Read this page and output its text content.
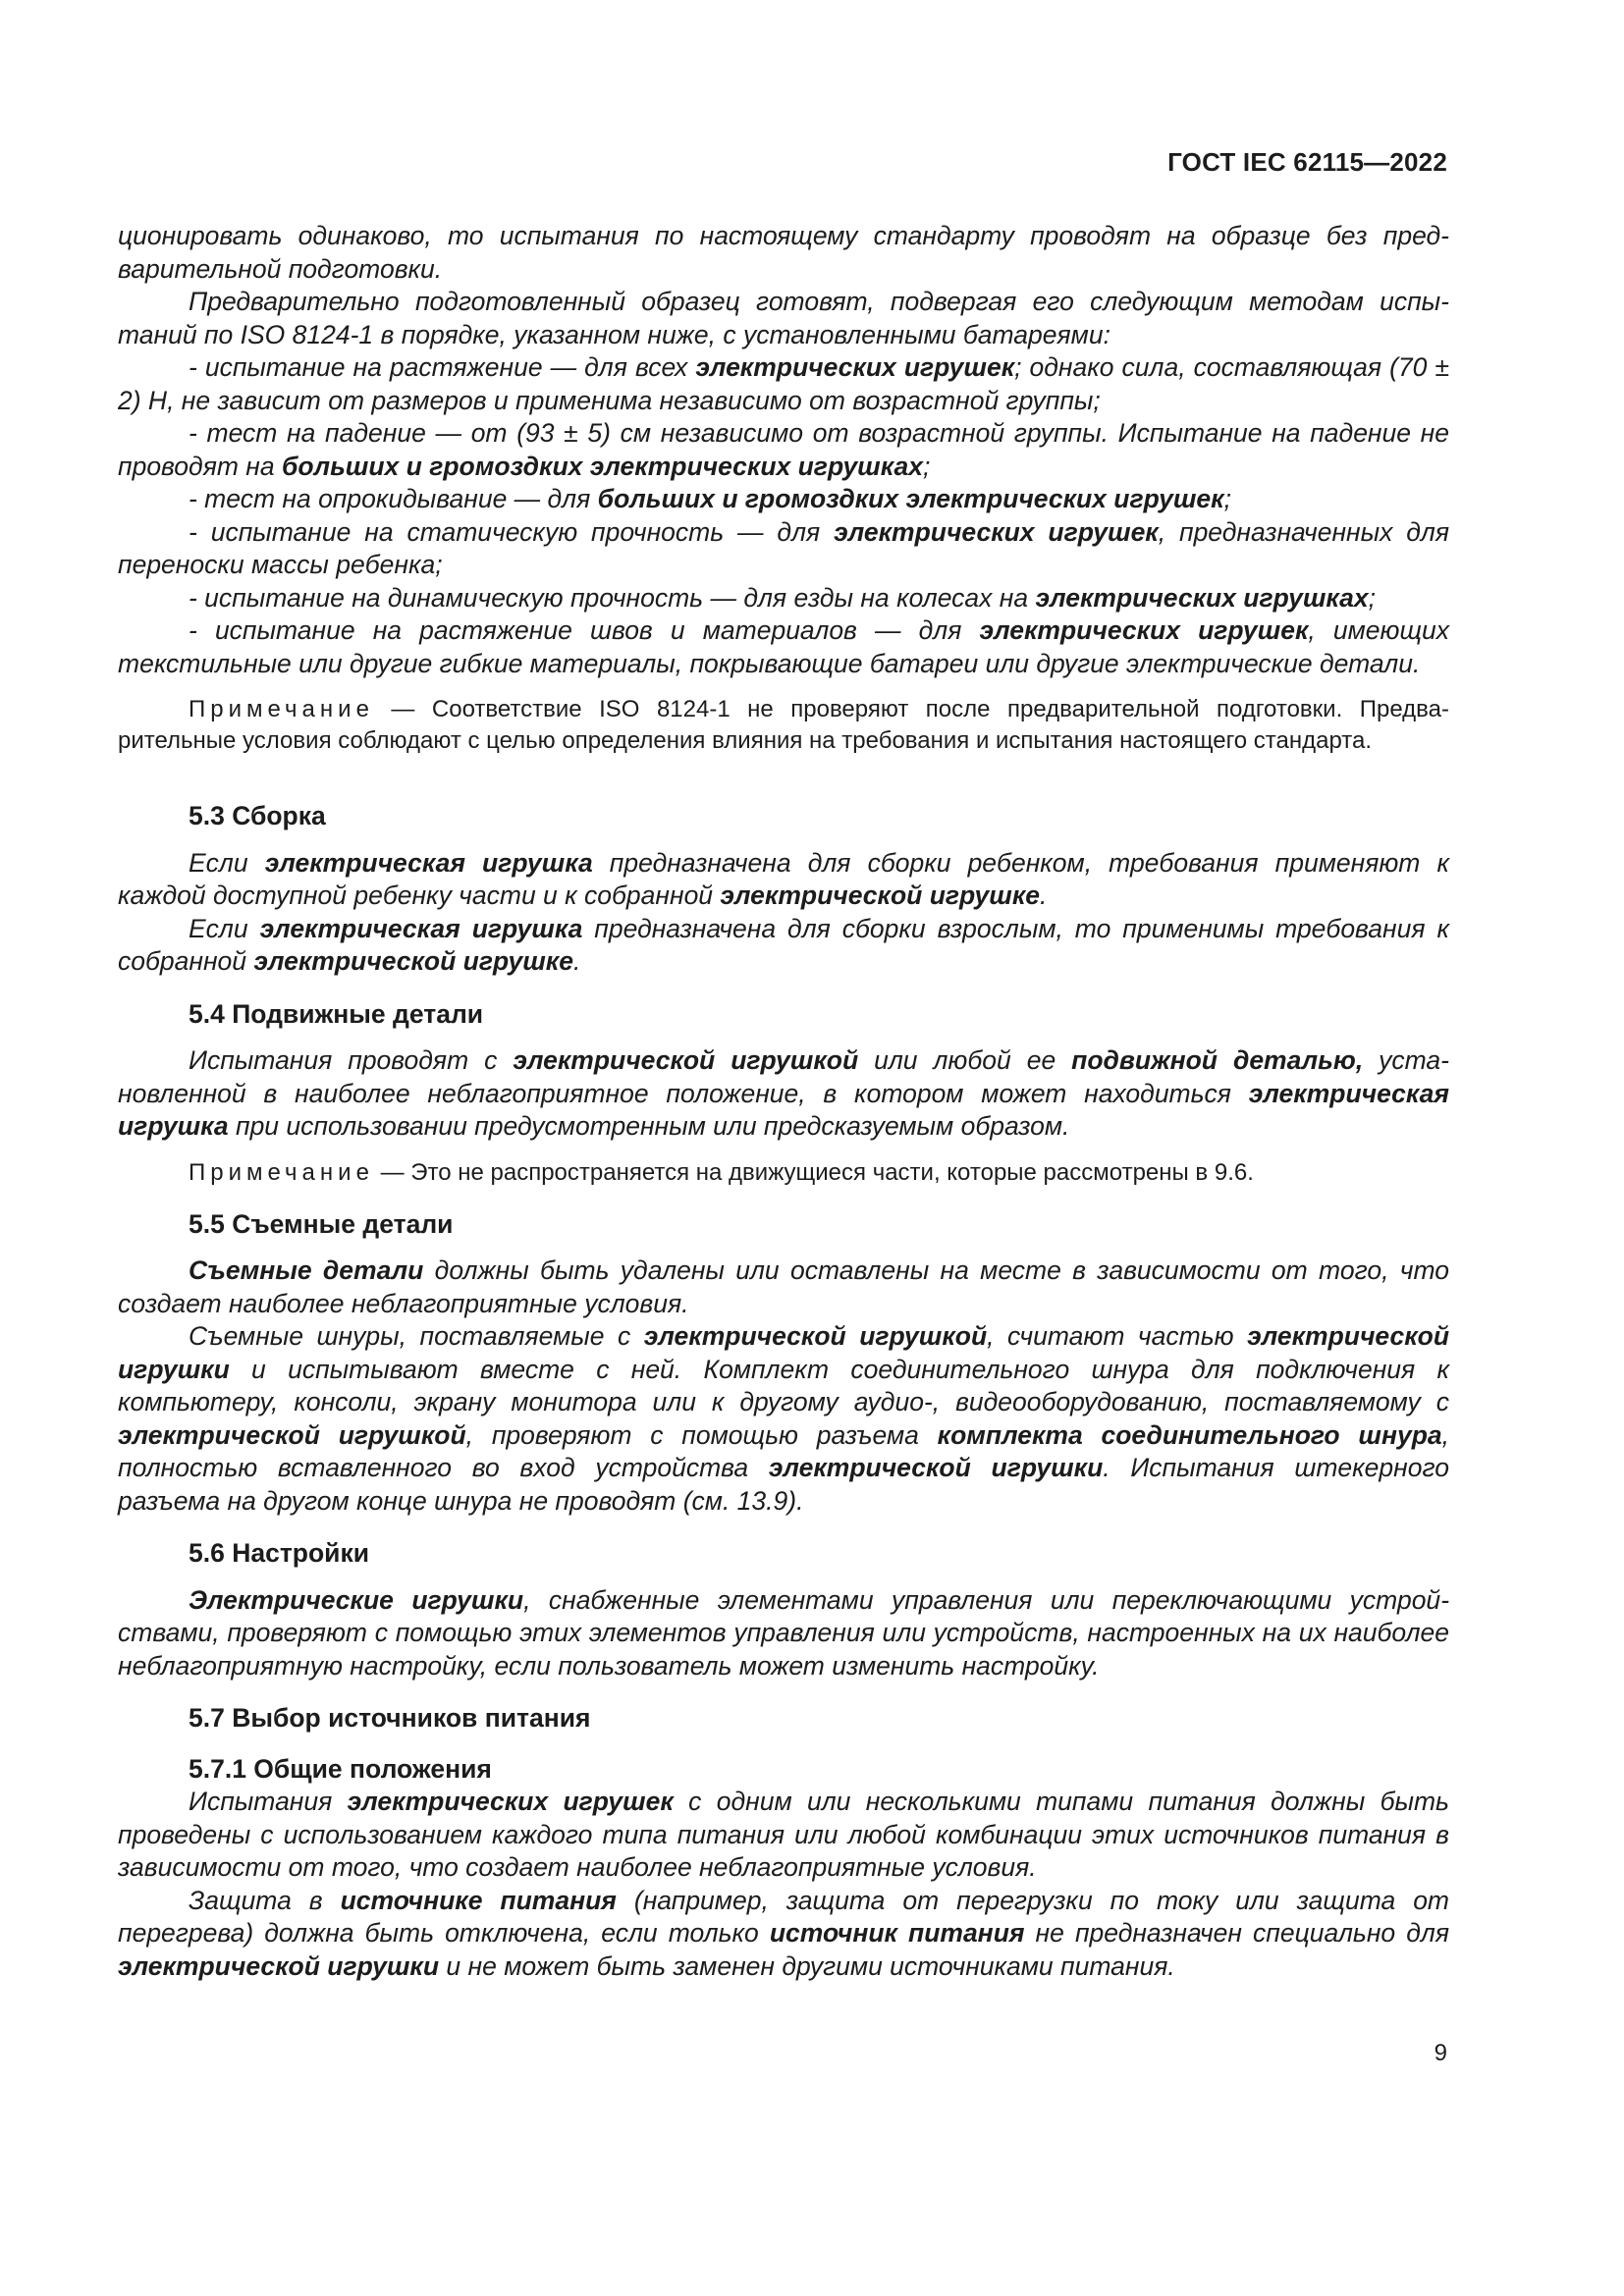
ГОСТ IEC 62115—2022

ционировать одинаково, то испытания по настоящему стандарту проводят на образце без предварительной подготовки.

Предварительно подготовленный образец готовят, подвергая его следующим методам испытаний по ISO 8124-1 в порядке, указанном ниже, с установленными батареями:

- испытание на растяжение — для всех электрических игрушек; однако сила, составляющая (70 ± 2) Н, не зависит от размеров и применима независимо от возрастной группы;

- тест на падение — от (93 ± 5) см независимо от возрастной группы. Испытание на падение не проводят на больших и громоздких электрических игрушках;

- тест на опрокидывание — для больших и громоздких электрических игрушек;

- испытание на статическую прочность — для электрических игрушек, предназначенных для переноски массы ребенка;

- испытание на динамическую прочность — для езды на колесах на электрических игрушках;

- испытание на растяжение швов и материалов — для электрических игрушек, имеющих текстильные или другие гибкие материалы, покрывающие батареи или другие электрические детали.

Примечание — Соответствие ISO 8124-1 не проверяют после предварительной подготовки. Предварительные условия соблюдают с целью определения влияния на требования и испытания настоящего стандарта.

5.3 Сборка

Если электрическая игрушка предназначена для сборки ребенком, требования применяют к каждой доступной ребенку части и к собранной электрической игрушке.

Если электрическая игрушка предназначена для сборки взрослым, то применимы требования к собранной электрической игрушке.

5.4 Подвижные детали

Испытания проводят с электрической игрушкой или любой ее подвижной деталью, установленной в наиболее неблагоприятное положение, в котором может находиться электрическая игрушка при использовании предусмотренным или предсказуемым образом.

Примечание — Это не распространяется на движущиеся части, которые рассмотрены в 9.6.

5.5 Съемные детали

Съемные детали должны быть удалены или оставлены на месте в зависимости от того, что создает наиболее неблагоприятные условия.

Съемные шнуры, поставляемые с электрической игрушкой, считают частью электрической игрушки и испытывают вместе с ней. Комплект соединительного шнура для подключения к компьютеру, консоли, экрану монитора или к другому аудио-, видеооборудованию, поставляемому с электрической игрушкой, проверяют с помощью разъема комплекта соединительного шнура, полностью вставленного во вход устройства электрической игрушки. Испытания штекерного разъема на другом конце шнура не проводят (см. 13.9).

5.6 Настройки

Электрические игрушки, снабженные элементами управления или переключающими устройствами, проверяют с помощью этих элементов управления или устройств, настроенных на их наиболее неблагоприятную настройку, если пользователь может изменить настройку.

5.7 Выбор источников питания

5.7.1 Общие положения

Испытания электрических игрушек с одним или несколькими типами питания должны быть проведены с использованием каждого типа питания или любой комбинации этих источников питания в зависимости от того, что создает наиболее неблагоприятные условия.

Защита в источнике питания (например, защита от перегрузки по току или защита от перегрева) должна быть отключена, если только источник питания не предназначен специально для электрической игрушки и не может быть заменен другими источниками питания.

9
